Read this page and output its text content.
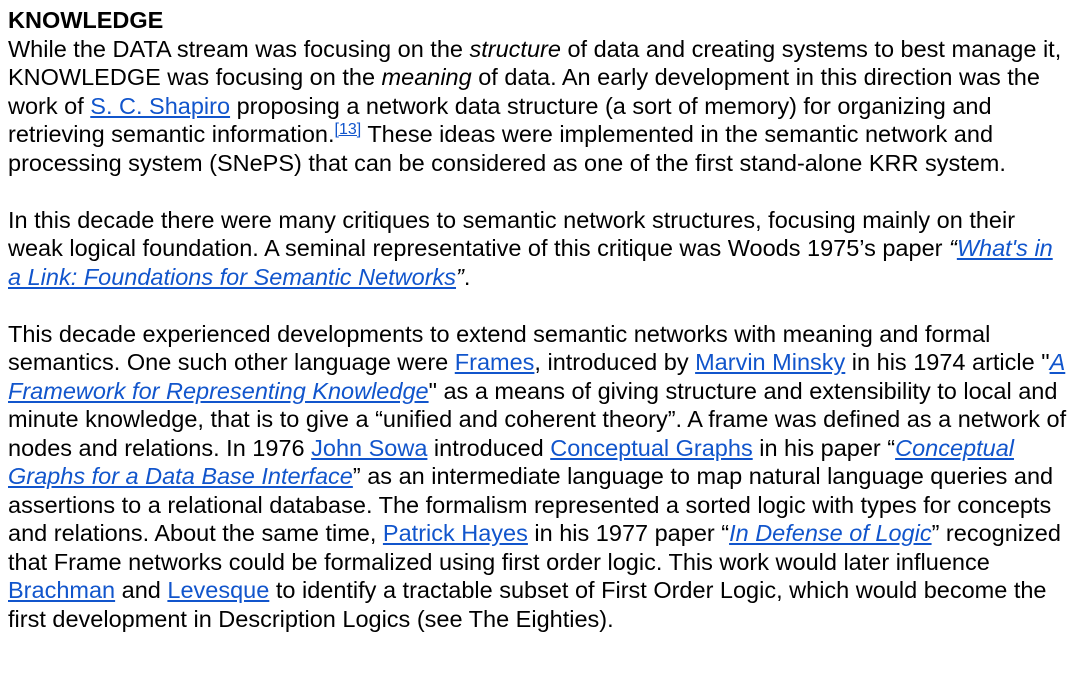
KNOWLEDGE

While the DATA stream was focusing on the structure of data and creating systems to best manage it, KNOWLEDGE was focusing on the meaning of data. An early development in this direction was the work of S. C. Shapiro proposing a network data structure (a sort of memory) for organizing and retrieving semantic information.[13] These ideas were implemented in the semantic network and processing system (SNePS) that can be considered as one of the first stand-alone KRR system.

In this decade there were many critiques to semantic network structures, focusing mainly on their weak logical foundation. A seminal representative of this critique was Woods 1975’s paper “What's in a Link: Foundations for Semantic Networks”.

This decade experienced developments to extend semantic networks with meaning and formal semantics. One such other language were Frames, introduced by Marvin Minsky in his 1974 article "A Framework for Representing Knowledge" as a means of giving structure and extensibility to local and minute knowledge, that is to give a “unified and coherent theory”. A frame was defined as a network of nodes and relations. In 1976 John Sowa introduced Conceptual Graphs in his paper “Conceptual Graphs for a Data Base Interface” as an intermediate language to map natural language queries and assertions to a relational database. The formalism represented a sorted logic with types for concepts and relations. About the same time, Patrick Hayes in his 1977 paper “In Defense of Logic” recognized that Frame networks could be formalized using first order logic. This work would later influence Brachman and Levesque to identify a tractable subset of First Order Logic, which would become the first development in Description Logics (see The Eighties).
